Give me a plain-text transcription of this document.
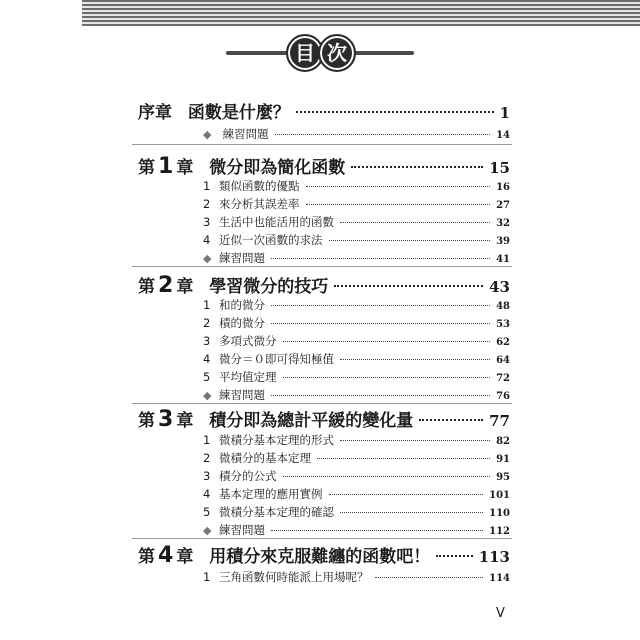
目 次
序章 函數是什麼？	1
◆ 練習問題	14
第 1 章 微分即為簡化函數	15
1 類似函數的優點	16
2 來分析其誤差率	27
3 生活中也能活用的函數	32
4 近似一次函數的求法	39
◆ 練習問題	41
第 2 章 學習微分的技巧	43
1 和的微分	48
2 積的微分	53
3 多項式微分	62
4 微分＝０即可得知極值	64
5 平均值定理	72
◆ 練習問題	76
第 3 章 積分即為總計平緩的變化量	77
1 微積分基本定理的形式	82
2 微積分的基本定理	91
3 積分的公式	95
4 基本定理的應用實例	101
5 微積分基本定理的確認	110
◆ 練習問題	112
第 4 章 用積分來克服難纏的函數吧！	113
1 三角函數何時能派上用場呢？	114
V
